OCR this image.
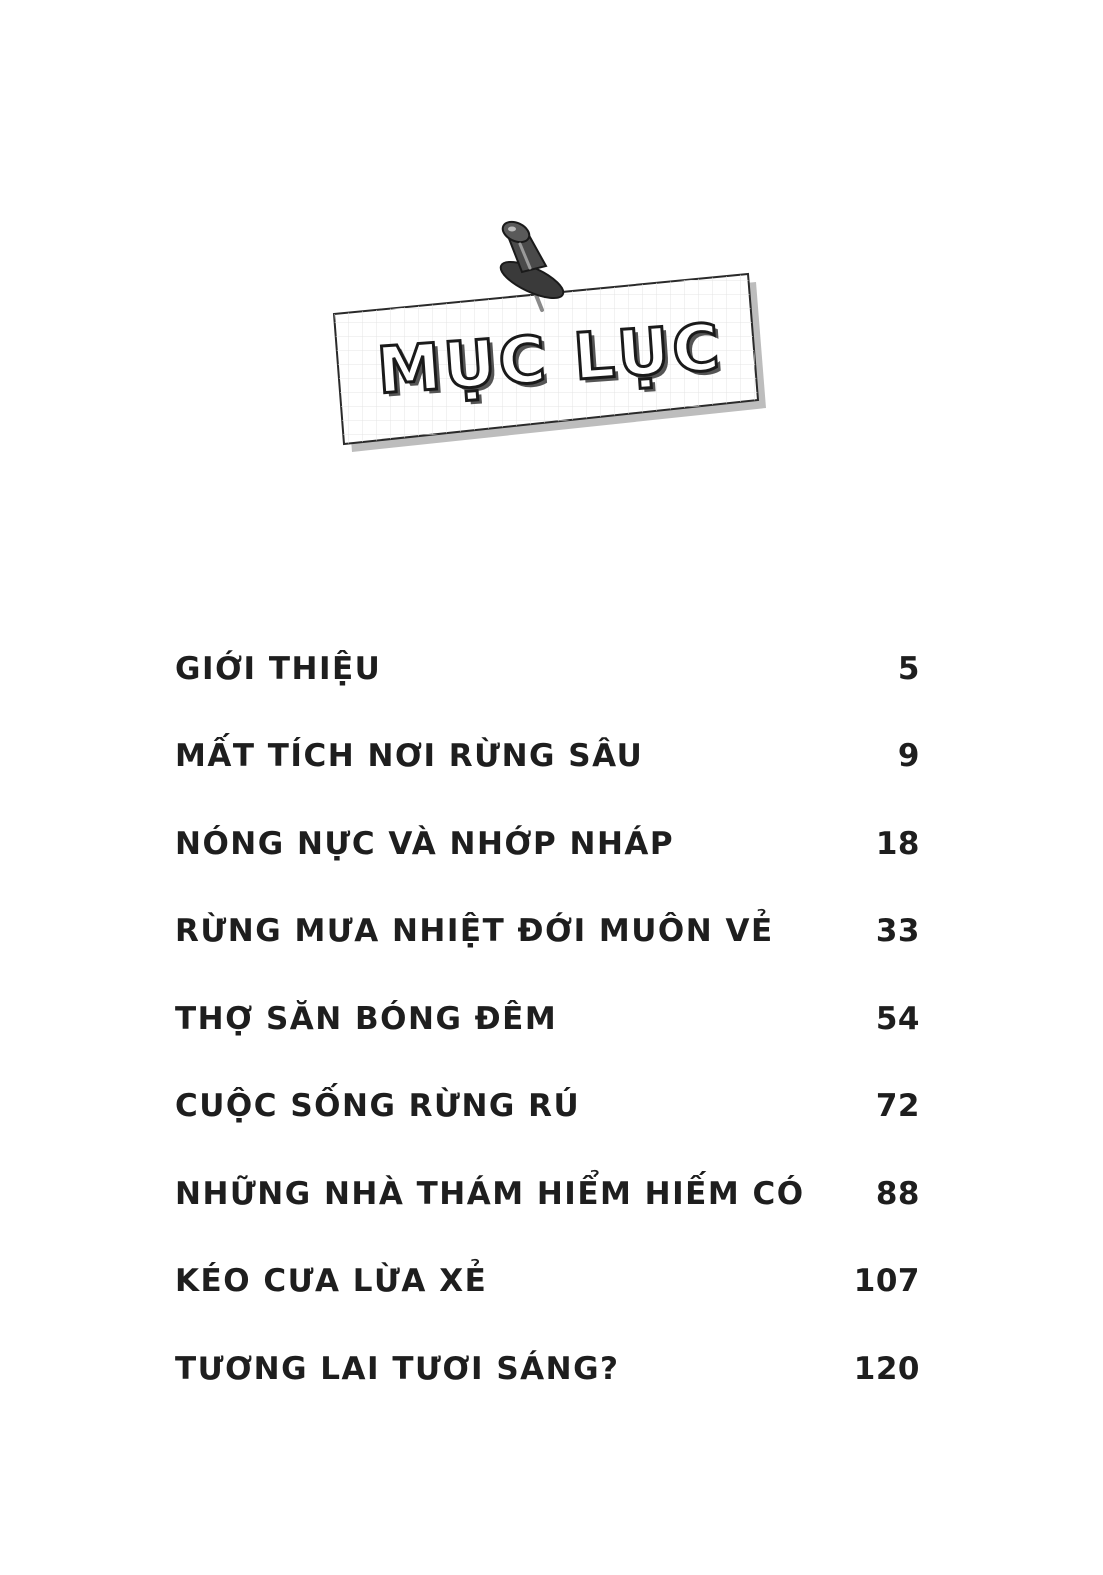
MỤC LỤC
GIỚI THIỆU	5
MẤT TÍCH NƠI RỪNG SÂU	9
NÓNG NỰC VÀ NHỚP NHÁP	18
RỪNG MƯA NHIỆT ĐỚI MUÔN VẺ	33
THỢ SĂN BÓNG ĐÊM	54
CUỘC SỐNG RỪNG RÚ	72
NHỮNG NHÀ THÁM HIỂM HIẾM CÓ 88
KÉO CƯA LỪA XẺ	107
TƯƠNG LAI TƯƠI SÁNG?	120
